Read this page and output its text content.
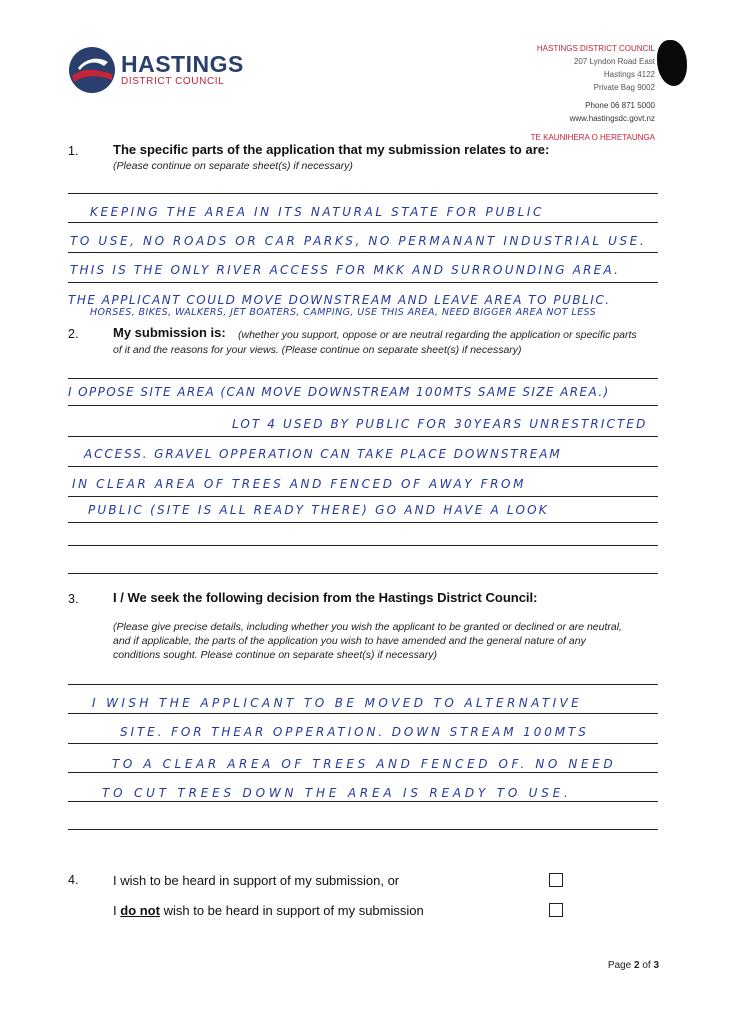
HASTINGS
DISTRICT COUNCIL
HASTINGS DISTRICT COUNCIL
207 Lyndon Road East
Hastings 4122
Private Bag 9002
Phone 06 871 5000
www.hastingsdc.govt.nz
TE KAUNIHERA O HERETAUNGA
1.	The specific parts of the application that my submission relates to are:
(Please continue on separate sheet(s) if necessary)
KEEPING THE AREA IN ITS NATURAL STATE FOR PUBLIC
TO USE, NO ROADS OR CAR PARKS, NO PERMANANT INDUSTRIAL USE.
THIS IS THE ONLY RIVER ACCESS FOR MKK AND SURROUNDING AREA.
THE APPLICANT COULD MOVE DOWNSTREAM AND LEAVE AREA TO PUBLIC.
HORSES, BIKES, WALKERS, JET BOATERS, CAMPING, USE THIS AREA, NEED BIGGER AREA NOT LESS
2.	My submission is: (whether you support, oppose or are neutral regarding the application or specific parts
of it and the reasons for your views. (Please continue on separate sheet(s) if necessary)
I OPPOSE SITE AREA (CAN MOVE DOWNSTREAM 100MTS SAME SIZE AREA.)
LOT 4 USED BY PUBLIC FOR 30YEARS UNRESTRICTED
ACCESS. GRAVEL OPPERATION CAN TAKE PLACE DOWNSTREAM
IN CLEAR AREA OF TREES AND FENCED OF AWAY FROM
PUBLIC (SITE IS ALL READY THERE) GO AND HAVE A LOOK
3.	I / We seek the following decision from the Hastings District Council:
(Please give precise details, including whether you wish the applicant to be granted or declined or are neutral,
and if applicable, the parts of the application you wish to have amended and the general nature of any
conditions sought. Please continue on separate sheet(s) if necessary)
I WISH THE APPLICANT TO BE MOVED TO ALTERNATIVE
SITE. FOR THEAR OPPERATION. DOWN STREAM 100MTS
TO A CLEAR AREA OF TREES AND FENCED OF. NO NEED
TO CUT TREES DOWN THE AREA IS READY TO USE.
4.	I wish to be heard in support of my submission, or
I do not wish to be heard in support of my submission
Page 2 of 3
